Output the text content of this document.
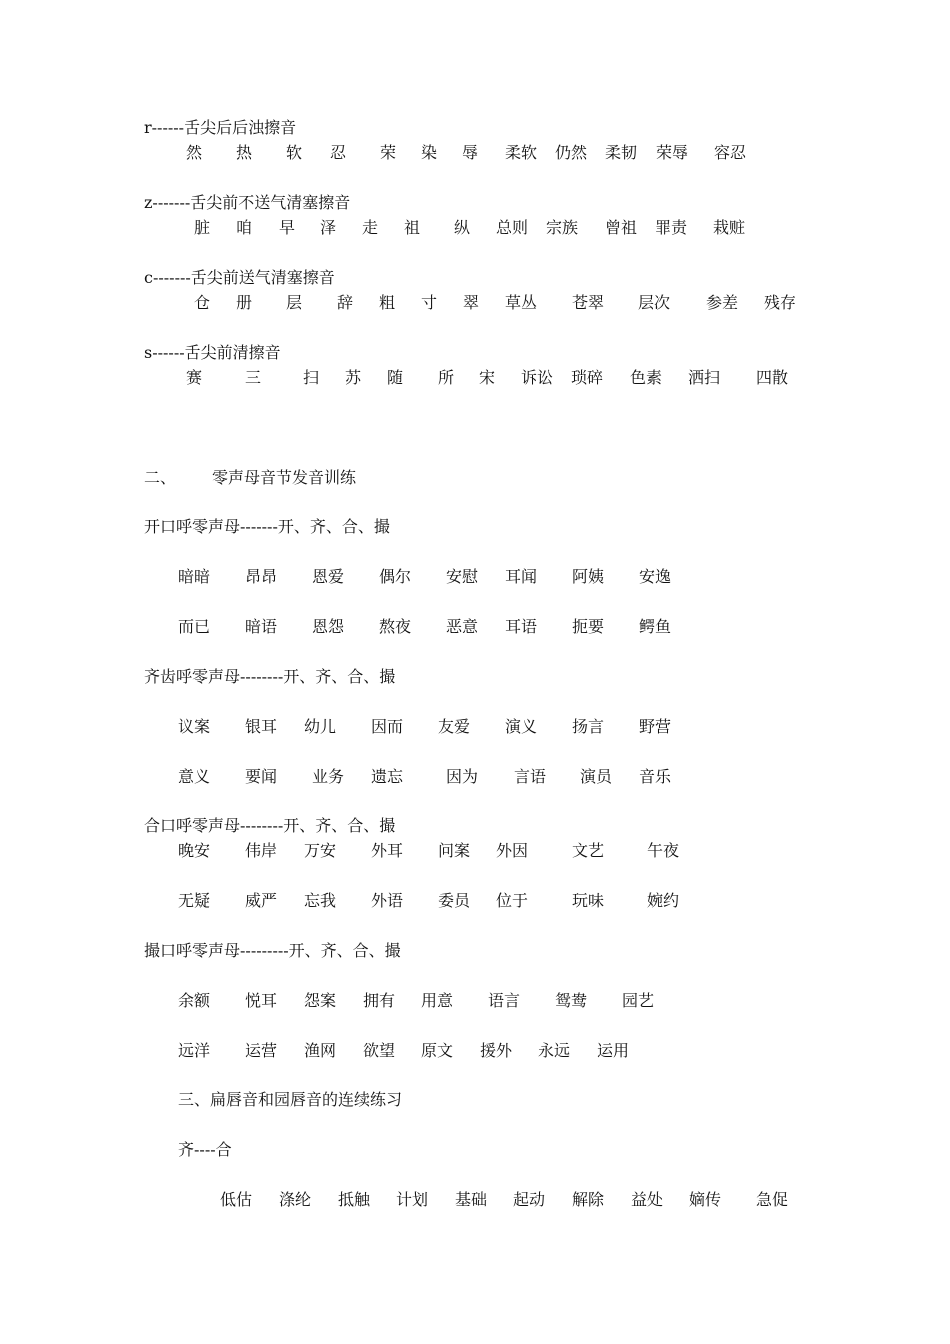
r------舌尖后后浊擦音
然 热 软 忍 荣 染 辱 柔软 仍然 柔韧 荣辱 容忍
z-------舌尖前不送气清塞擦音
脏 咱 早 泽 走 祖 纵 总则 宗族 曾祖 罪责 栽赃
c-------舌尖前送气清塞擦音
仓 册 层 辞 粗 寸 翠 草丛 苍翠 层次 参差 残存
s------舌尖前清擦音
赛	三	扫 苏 随 所 宋 诉讼 琐碎 色素 洒扫 四散
二、 零声母音节发音训练
开口呼零声母-------开、齐、合、撮
暗暗 昂昂 恩爱 偶尔 安慰 耳闻 阿姨 安逸
而已 暗语 恩怨 熬夜 恶意 耳语 扼要 鳄鱼
齐齿呼零声母--------开、齐、合、撮
议案 银耳 幼儿 因而 友爱 演义 扬言 野营
意义 要闻 业务 遗忘	因为 言语 演员 音乐
合口呼零声母--------开、齐、合、撮
晚安 伟岸 万安 外耳 问案 外因	文艺	午夜
无疑 威严 忘我 外语 委员 位于	玩味	婉约
撮口呼零声母---------开、齐、合、撮
余额 悦耳 怨案 拥有 用意 语言 鸳鸯 园艺
远洋 运营 渔网 欲望 原文 援外 永远 运用
三、扁唇音和园唇音的连续练习
齐----合
低估 涤纶 抵触 计划 基础 起动 解除 益处 嫡传 急促
